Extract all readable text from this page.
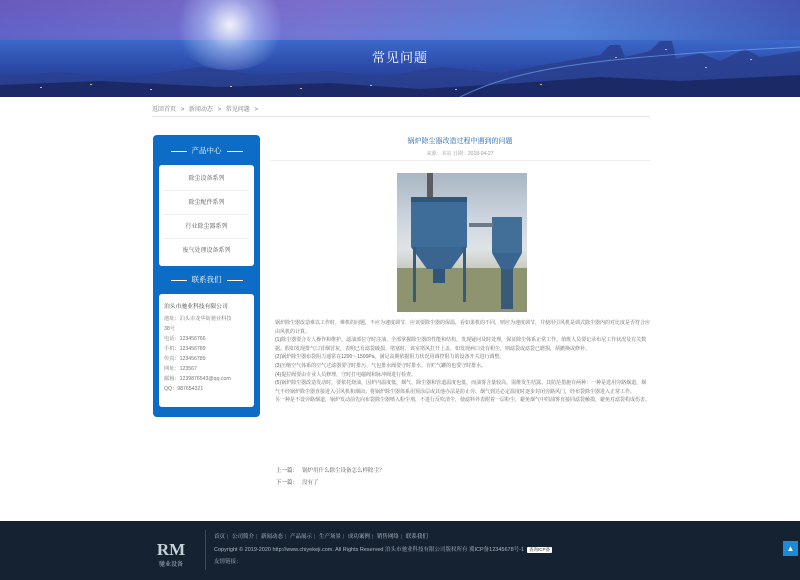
常见问题
返回首页 > 新闻动态 > 常见问题 >
产品中心
除尘设备系列
除尘配件系列
行业除尘器系列
废气处理设备系列
联系我们
泊头市驰业科技有限公司
地址：泊头市龙华街驰业科技
38号
电话：123456766
手机：123456789
传真：123456789
网址：123567
邮箱：1239876543@qq.com
QQ：987654321
锅炉除尘器改造过程中遇到的问题
来源：本站 日期：2018-04-27

锅炉除尘器改造难以工作时，难机的问题，不应为速度调节，应该要除尘器的保温，看如果机的不同，则应为速度调节，并使用引风机是调式除尘器内的对比度是否符合应由风机的计算。

(1)除尘器要合专人操作和维护。滤油部位守时注油、全部掌握除尘器的性能和结构，发现疑问及时处理，保证除尘体系正常工作。值班人员要记录布尼工作状况及有关数据。假如发现排气口冒烟冒灰，表明已有滤袋破损，堵塞时，该室堵风打开上盖，如发现病口处有积尘，则滤袋或滤袋已磨损，须撤换或修补。

(2)锅炉除尘器布袋阻力通常在1200～1500Pa，满足高期依据阻力状况用调控阻力的设备开关进行调整。

(3)压缩空气体系的空气过滤器要守时排污，气包排水阀要守时排水，有贮气罐的也要守时排水。

(4)提拉阀要由专业人员修理，守时打电磁阀和脉冲阀进行检查。

(5)锅炉除尘器改造发动时，要依托烧油，因炉内温度低，烟气、除尘器和管道温度也低，而油雾含量较高，需维发生结露。其防范措施有两种：一种是选用旁路烟道，烟气不经锅炉除尘器直接进入引风机和烟囱；将锅炉除尘器体系用预涂层或其他办法是防止旁、烟气到达必定温度时逐步封闭旁路风门，经布袋除尘器进入正常工作。

另一种是不设旁路烟道，锅炉发动前先向布袋除尘器喷入粉尘剂，不进行反吹清尘，使滤料外表附着一层粉尘，避免烟气中的油雾直接同滤袋触摸，避免对滤袋构成伤害。

上一篇： 锅炉用什么除尘设备怎么样除尘？
下一篇： 没有了
RM
驰业设备
首页 | 公司简介 | 新闻动态 | 产品展示 | 生产场景 | 成功案例 | 销售网络 | 联系我们
Copyright © 2019-2020 http://www.chiyekeji.com. All Rights Reserved 泊头市驰业科技有限公司版权所有 冀ICP备12345678号-1 查询ICP备
友情链接：
▲
